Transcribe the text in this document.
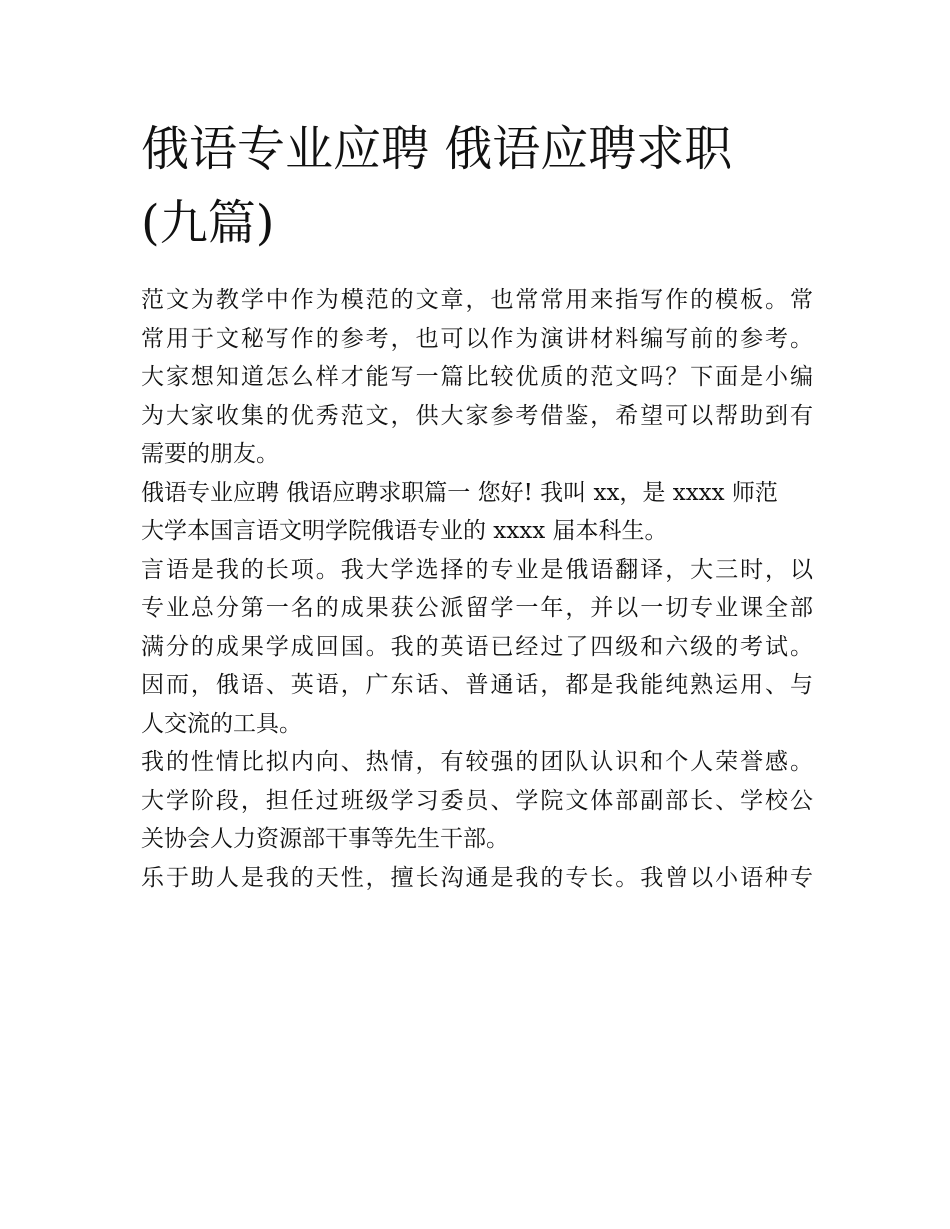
俄语专业应聘 俄语应聘求职
(九篇)

范文为教学中作为模范的文章，也常常用来指写作的模板。常
常用于文秘写作的参考，也可以作为演讲材料编写前的参考。
大家想知道怎么样才能写一篇比较优质的范文吗？下面是小编
为大家收集的优秀范文，供大家参考借鉴，希望可以帮助到有
需要的朋友。

俄语专业应聘 俄语应聘求职篇一 您好! 我叫 xx，是 xxxx 师范
大学本国言语文明学院俄语专业的 xxxx 届本科生。

言语是我的长项。我大学选择的专业是俄语翻译，大三时，以
专业总分第一名的成果获公派留学一年，并以一切专业课全部
满分的成果学成回国。我的英语已经过了四级和六级的考试。
因而，俄语、英语，广东话、普通话，都是我能纯熟运用、与
人交流的工具。

我的性情比拟内向、热情，有较强的团队认识和个人荣誉感。
大学阶段，担任过班级学习委员、学院文体部副部长、学校公
关协会人力资源部干事等先生干部。

乐于助人是我的天性，擅长沟通是我的专长。我曾以小语种专
